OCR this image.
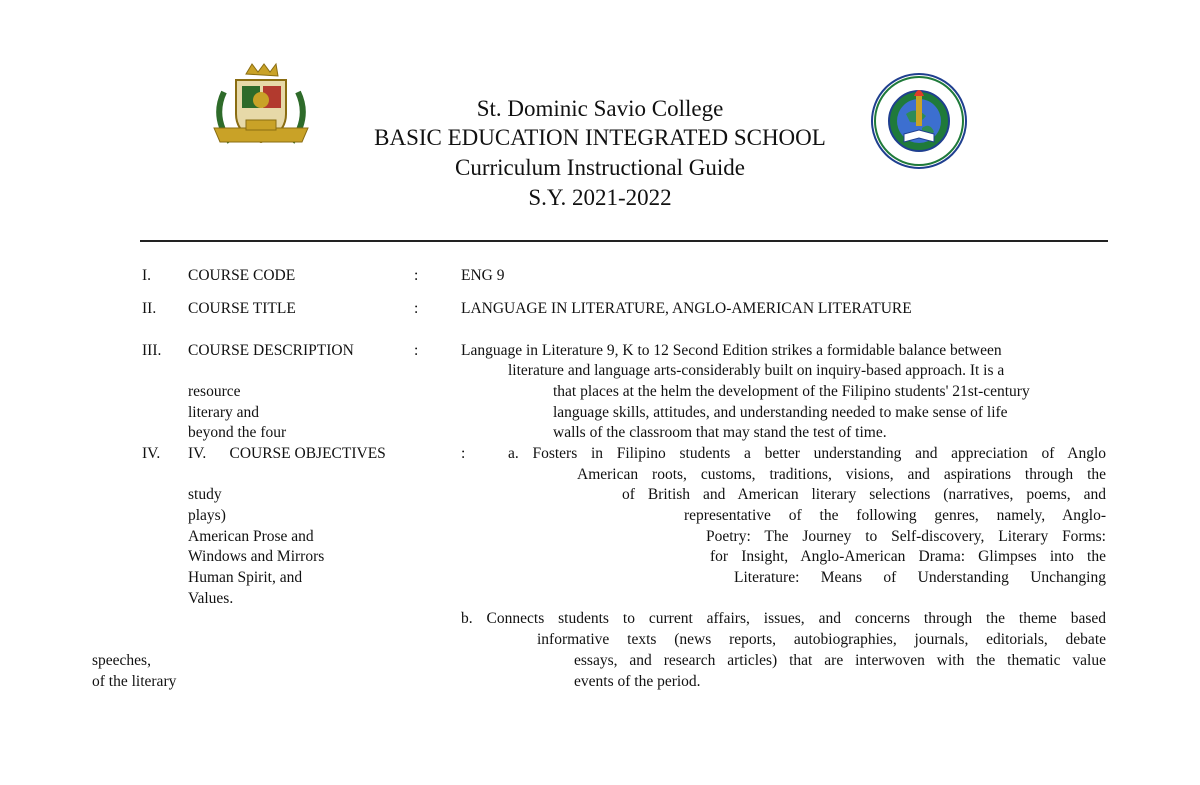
St. Dominic Savio College
BASIC EDUCATION INTEGRATED SCHOOL
Curriculum Instructional Guide
S.Y. 2021-2022
I. COURSE CODE	:	ENG 9
II. COURSE TITLE	:	LANGUAGE IN LITERATURE, ANGLO-AMERICAN LITERATURE
III. COURSE DESCRIPTION	:	Language in Literature 9, K to 12 Second Edition strikes a formidable balance between
literature and language arts-considerably built on inquiry-based approach. It is a
resource	that places at the helm the development of the Filipino students' 21st-century
literary and	language skills, attitudes, and understanding needed to make sense of life
beyond the four	walls of the classroom that may stand the test of time.
IV. IV.      COURSE OBJECTIVES	:	a. Fosters in Filipino students a better understanding and appreciation of Anglo
American roots, customs, traditions, visions, and aspirations through the
study	of British and American literary selections (narratives, poems, and
plays)	representative of the following genres, namely, Anglo-
American Prose and	Poetry: The Journey to Self-discovery, Literary Forms:
Windows and Mirrors	for Insight, Anglo-American Drama: Glimpses into the
Human Spirit, and	Literature: Means of Understanding Unchanging
Values.
b. Connects students to current affairs, issues, and concerns through the theme based
informative texts (news reports, autobiographies, journals, editorials, debate
speeches,	essays, and research articles) that are interwoven with the thematic value
of the literary	events of the period.
